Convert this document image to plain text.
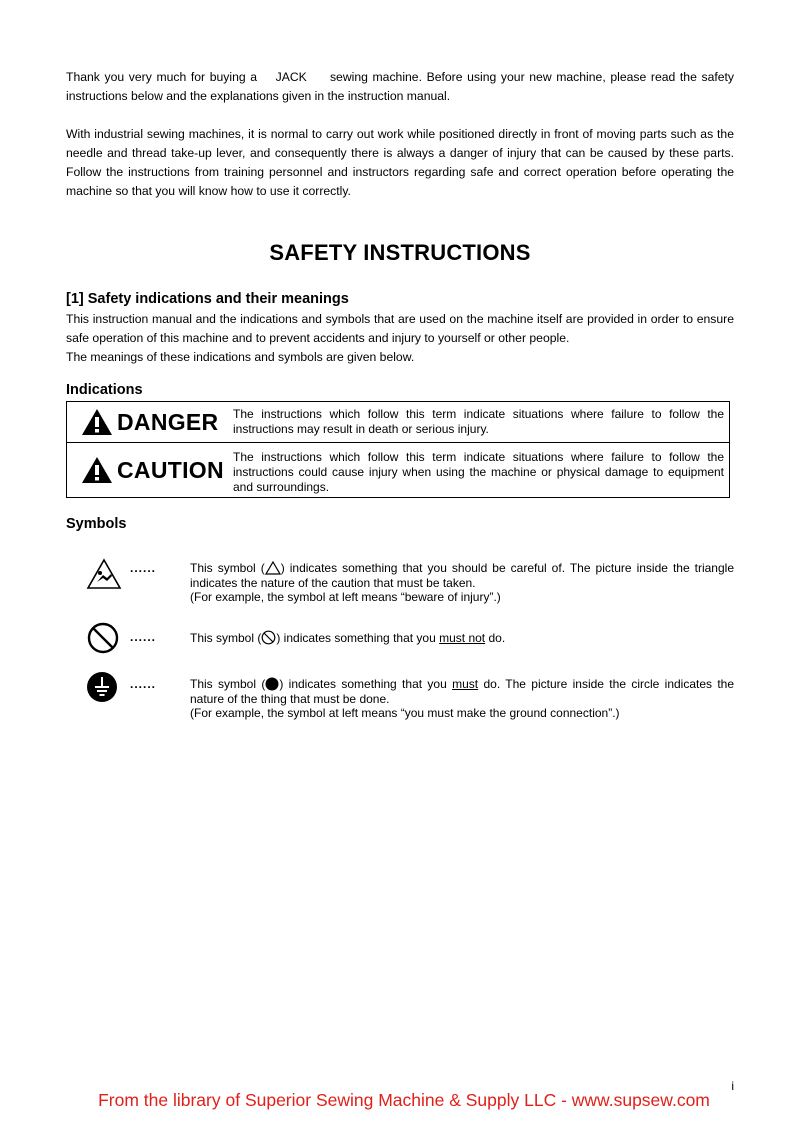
Thank you very much for buying a JACK sewing machine. Before using your new machine, please read the safety instructions below and the explanations given in the instruction manual.

With industrial sewing machines, it is normal to carry out work while positioned directly in front of moving parts such as the needle and thread take-up lever, and consequently there is always a danger of injury that can be caused by these parts. Follow the instructions from training personnel and instructors regarding safe and correct operation before operating the machine so that you will know how to use it correctly.

SAFETY INSTRUCTIONS
[1] Safety indications and their meanings

This instruction manual and the indications and symbols that are used on the machine itself are provided in order to ensure safe operation of this machine and to prevent accidents and injury to yourself or other people.

The meanings of these indications and symbols are given below.

Indications
DANGER The instructions which follow this term indicate situations where failure to follow the instructions may result in death or serious injury.
CAUTION The instructions which follow this term indicate situations where failure to follow the instructions could cause injury when using the machine or physical damage to equipment and surroundings.
Symbols
......	This symbol ( ) indicates something that you should be careful of. The picture inside the triangle indicates the nature of the caution that must be taken.
(For example, the symbol at left means “beware of injury”.)
......	This symbol ( ) indicates something that you must not do.
......	This symbol ( ) indicates something that you must do. The picture inside the circle indicates the nature of the thing that must be done.
(For example, the symbol at left means “you must make the ground connection”.)
i
From the library of Superior Sewing Machine & Supply LLC - www.supsew.com
